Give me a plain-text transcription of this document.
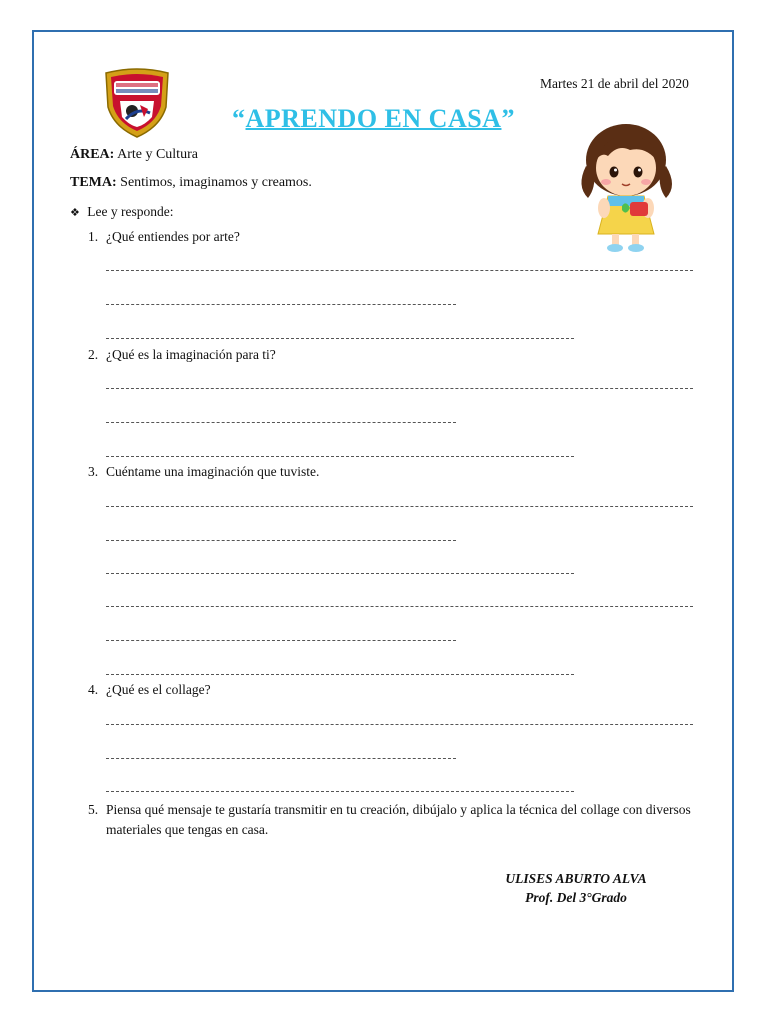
Martes 21 de abril del 2020
“APRENDO EN CASA”
ÁREA: Arte y Cultura
TEMA: Sentimos, imaginamos y creamos.
❖ Lee y responde:
1. ¿Qué entiendes por arte?
2. ¿Qué es la imaginación para ti?
3. Cuéntame una imaginación que tuviste.
4. ¿Qué es el collage?
5. Piensa qué mensaje te gustaría transmitir en tu creación, dibújalo y aplica la técnica del collage con diversos materiales que tengas en casa.
ULISES ABURTO ALVA
Prof. Del 3°Grado
